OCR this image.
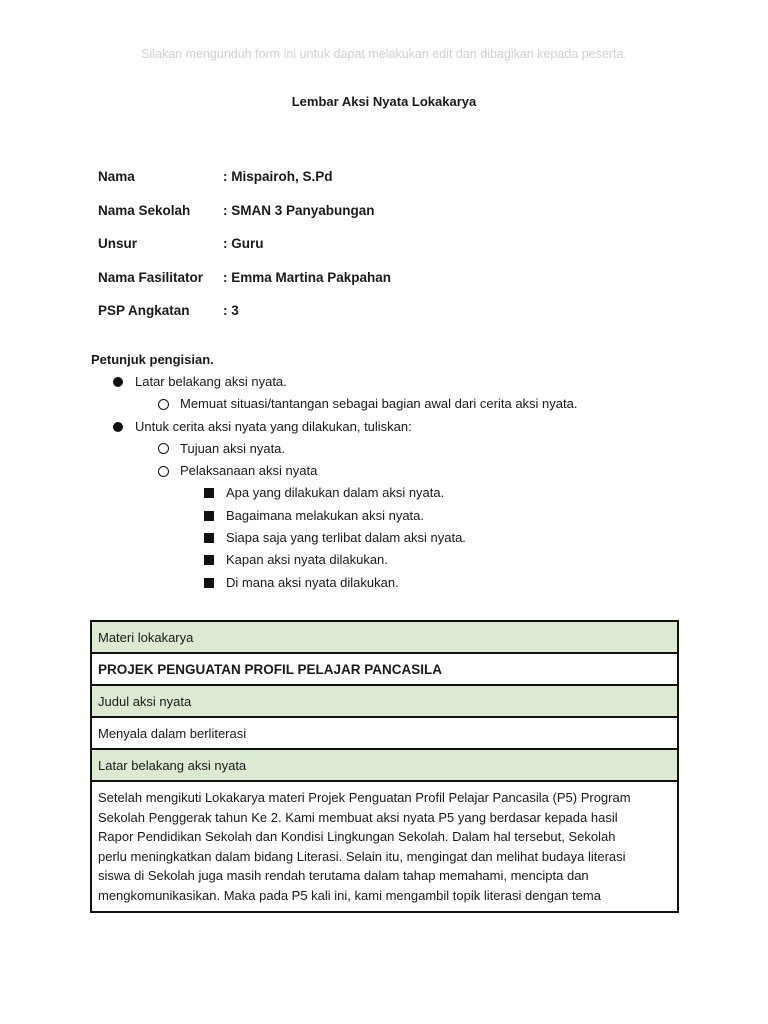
Silakan mengunduh form ini untuk dapat melakukan edit dan dibagikan kepada peserta.
Lembar Aksi Nyata Lokakarya
Nama	: Mispairoh, S.Pd
Nama Sekolah	: SMAN 3 Panyabungan
Unsur	: Guru
Nama Fasilitator	: Emma Martina Pakpahan
PSP Angkatan	: 3
Petunjuk pengisian.
Latar belakang aksi nyata.
Memuat situasi/tantangan sebagai bagian awal dari cerita aksi nyata.
Untuk cerita aksi nyata yang dilakukan, tuliskan:
Tujuan aksi nyata.
Pelaksanaan aksi nyata
Apa yang dilakukan dalam aksi nyata.
Bagaimana melakukan aksi nyata.
Siapa saja yang terlibat dalam aksi nyata.
Kapan aksi nyata dilakukan.
Di mana aksi nyata dilakukan.
Materi lokakarya
PROJEK PENGUATAN PROFIL PELAJAR PANCASILA
Judul aksi nyata
Menyala dalam berliterasi
Latar belakang aksi nyata

Setelah mengikuti Lokakarya materi Projek Penguatan Profil Pelajar Pancasila (P5) Program
Sekolah Penggerak tahun Ke 2. Kami membuat aksi nyata P5 yang berdasar kepada hasil
Rapor Pendidikan Sekolah dan Kondisi Lingkungan Sekolah. Dalam hal tersebut, Sekolah
perlu meningkatkan dalam bidang Literasi. Selain itu, mengingat dan melihat budaya literasi
siswa di Sekolah juga masih rendah terutama dalam tahap memahami, mencipta dan
mengkomunikasikan. Maka pada P5 kali ini, kami mengambil topik literasi dengan tema
